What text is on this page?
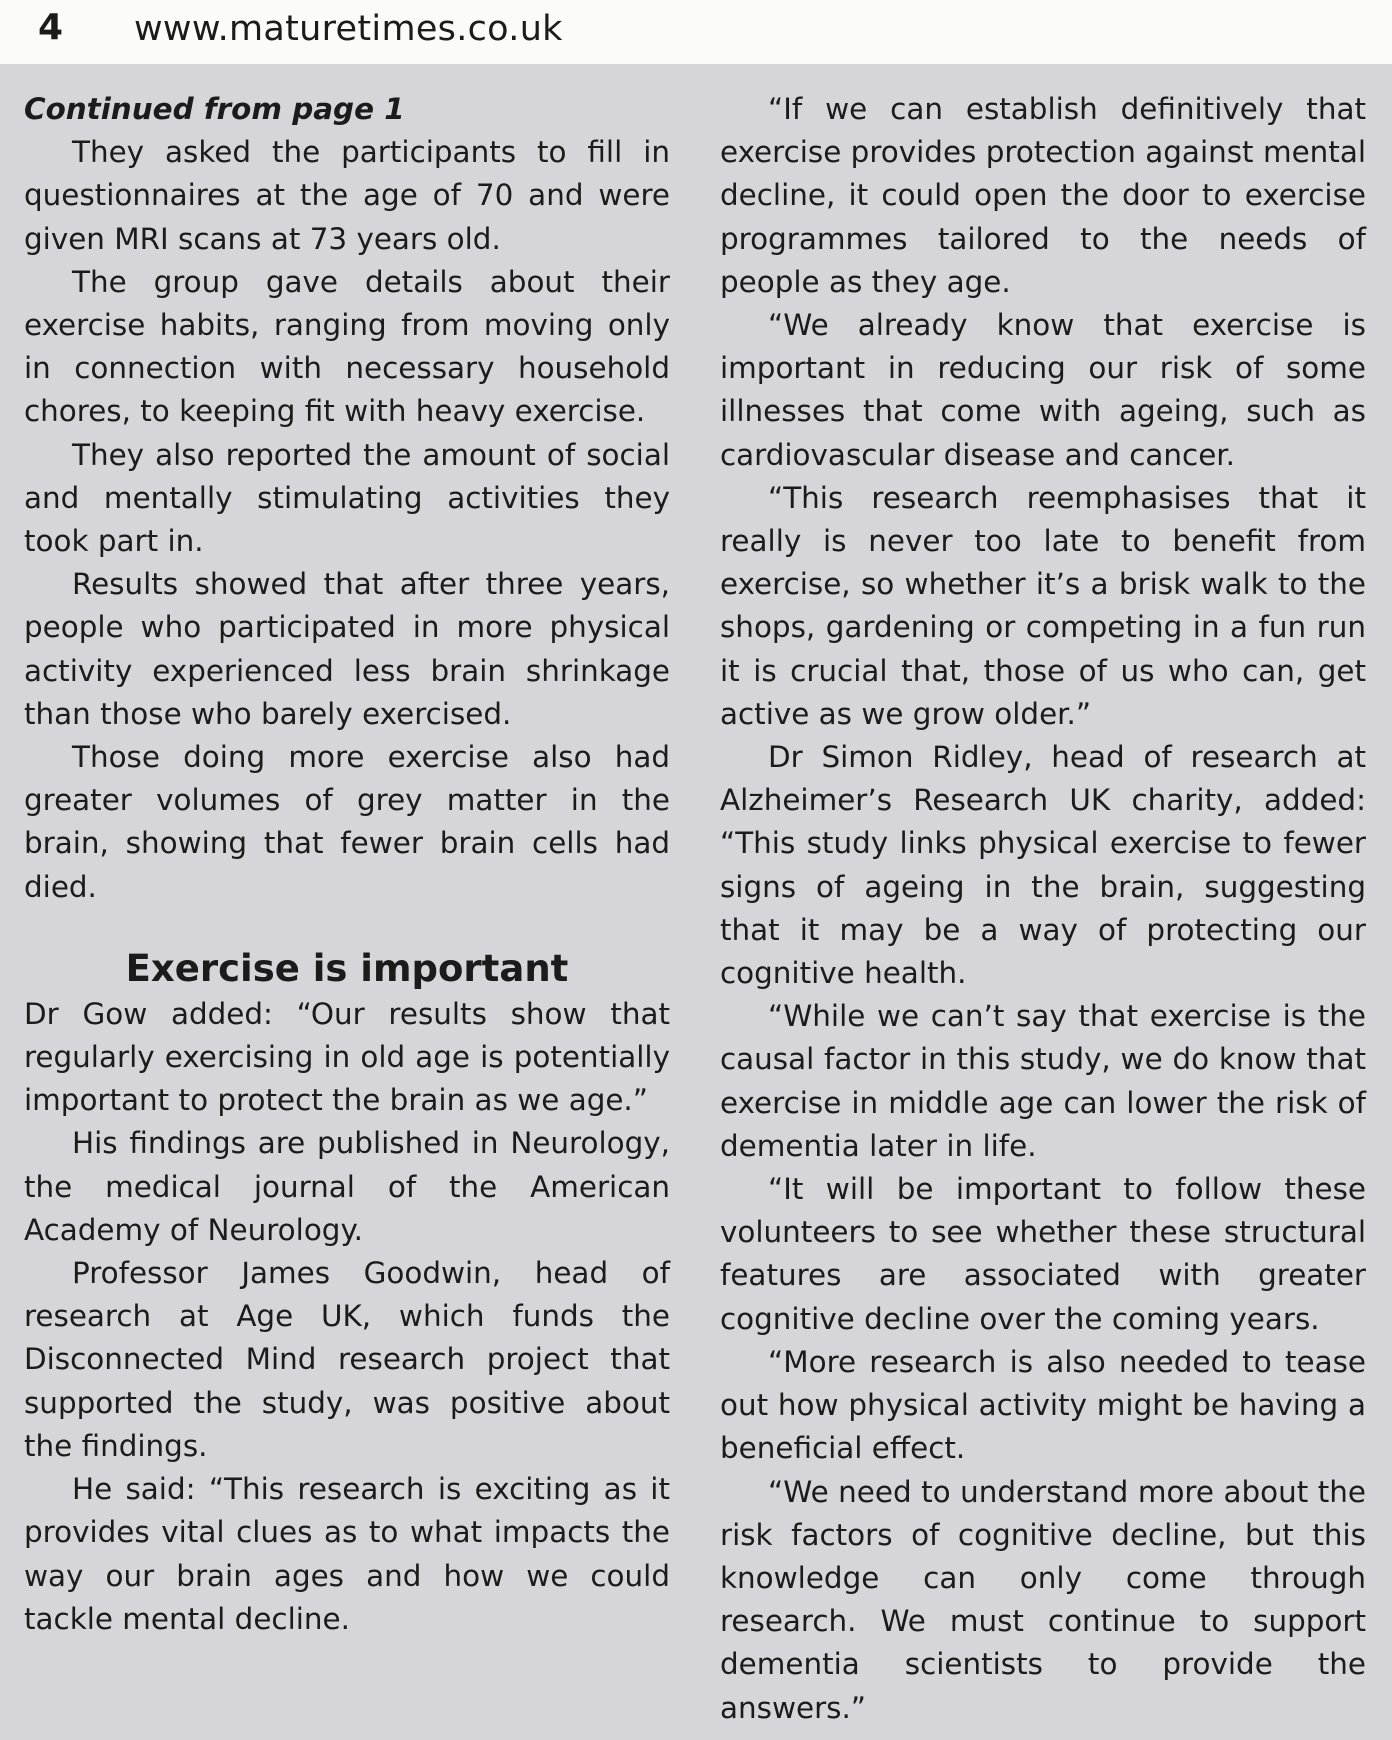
4 www.maturetimes.co.uk
Continued from page 1

They asked the participants to fill in questionnaires at the age of 70 and were given MRI scans at 73 years old.

The group gave details about their exercise habits, ranging from moving only in connection with necessary household chores, to keeping fit with heavy exercise.

They also reported the amount of social and mentally stimulating activities they took part in.

Results showed that after three years, people who participated in more physical activity experienced less brain shrinkage than those who barely exercised.

Those doing more exercise also had greater volumes of grey matter in the brain, showing that fewer brain cells had died.

Exercise is important

Dr Gow added: “Our results show that regularly exercising in old age is potentially important to protect the brain as we age.”

His findings are published in Neurology, the medical journal of the American Academy of Neurology.

Professor James Goodwin, head of research at Age UK, which funds the Disconnected Mind research project that supported the study, was positive about the findings.

He said: “This research is exciting as it provides vital clues as to what impacts the way our brain ages and how we could tackle mental decline.

“If we can establish definitively that exercise provides protection against mental decline, it could open the door to exercise programmes tailored to the needs of people as they age.

“We already know that exercise is important in reducing our risk of some illnesses that come with ageing, such as cardiovascular disease and cancer.

“This research reemphasises that it really is never too late to benefit from exercise, so whether it’s a brisk walk to the shops, gardening or competing in a fun run it is crucial that, those of us who can, get active as we grow older.”

Dr Simon Ridley, head of research at Alzheimer’s Research UK charity, added: “This study links physical exercise to fewer signs of ageing in the brain, suggesting that it may be a way of protecting our cognitive health.

“While we can’t say that exercise is the causal factor in this study, we do know that exercise in middle age can lower the risk of dementia later in life.

“It will be important to follow these volunteers to see whether these structural features are associated with greater cognitive decline over the coming years.

“More research is also needed to tease out how physical activity might be having a beneficial effect.

“We need to understand more about the risk factors of cognitive decline, but this knowledge can only come through research. We must continue to support dementia scientists to provide the answers.”
